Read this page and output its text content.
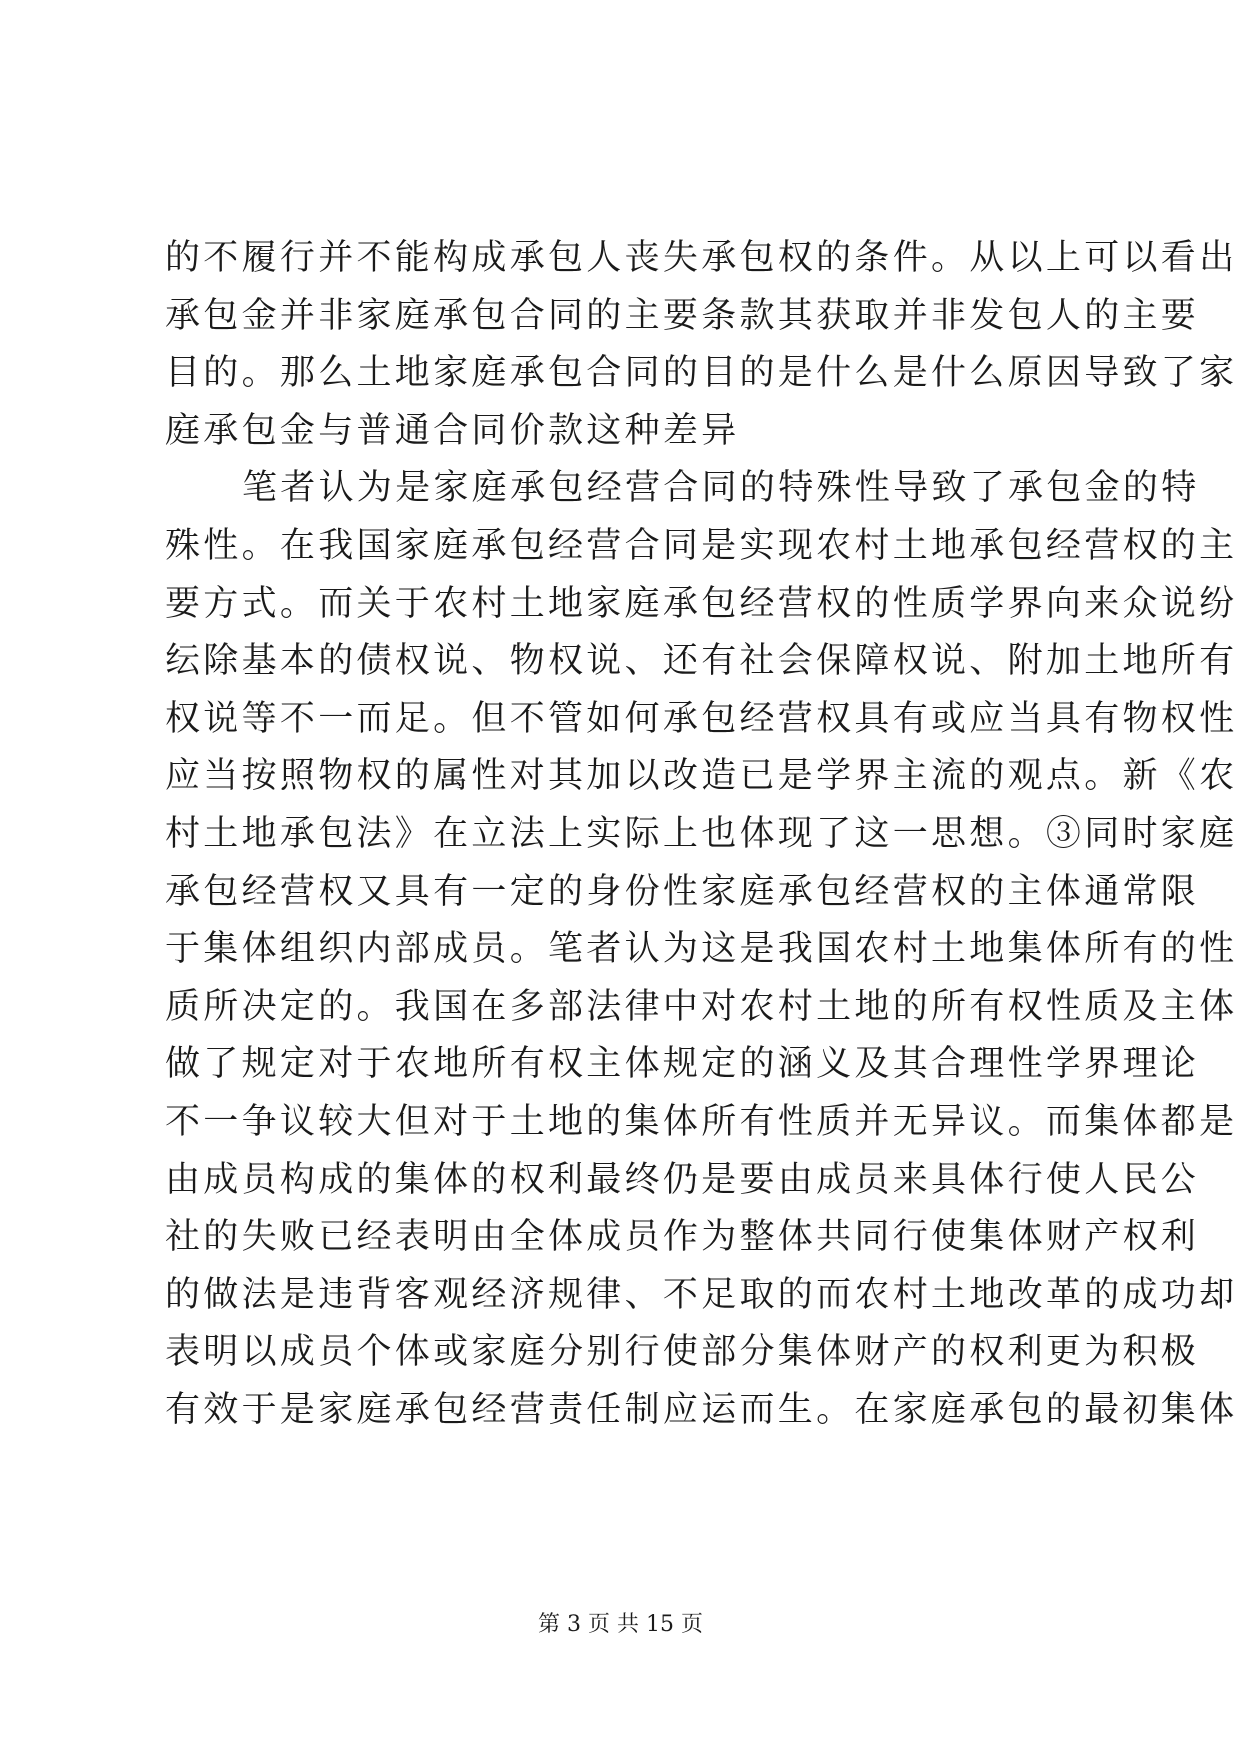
的不履行并不能构成承包人丧失承包权的条件。从以上可以看出
承包金并非家庭承包合同的主要条款其获取并非发包人的主要
目的。那么土地家庭承包合同的目的是什么是什么原因导致了家
庭承包金与普通合同价款这种差异
笔者认为是家庭承包经营合同的特殊性导致了承包金的特
殊性。在我国家庭承包经营合同是实现农村土地承包经营权的主
要方式。而关于农村土地家庭承包经营权的性质学界向来众说纷
纭除基本的债权说、物权说、还有社会保障权说、附加土地所有
权说等不一而足。但不管如何承包经营权具有或应当具有物权性
应当按照物权的属性对其加以改造已是学界主流的观点。新《农
村土地承包法》在立法上实际上也体现了这一思想。③同时家庭
承包经营权又具有一定的身份性家庭承包经营权的主体通常限
于集体组织内部成员。笔者认为这是我国农村土地集体所有的性
质所决定的。我国在多部法律中对农村土地的所有权性质及主体
做了规定对于农地所有权主体规定的涵义及其合理性学界理论
不一争议较大但对于土地的集体所有性质并无异议。而集体都是
由成员构成的集体的权利最终仍是要由成员来具体行使人民公
社的失败已经表明由全体成员作为整体共同行使集体财产权利
的做法是违背客观经济规律、不足取的而农村土地改革的成功却
表明以成员个体或家庭分别行使部分集体财产的权利更为积极
有效于是家庭承包经营责任制应运而生。在家庭承包的最初集体
第 3 页 共 15 页
